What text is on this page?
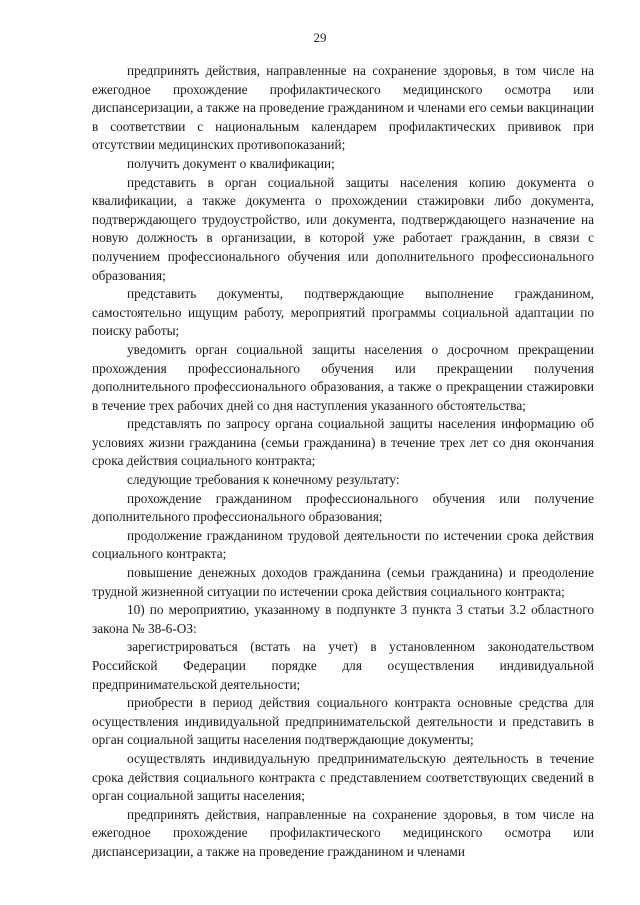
29

предпринять действия, направленные на сохранение здоровья, в том числе на ежегодное прохождение профилактического медицинского осмотра или диспансеризации, а также на проведение гражданином и членами его семьи вакцинации в соответствии с национальным календарем профилактических прививок при отсутствии медицинских противопоказаний;

получить документ о квалификации;

представить в орган социальной защиты населения копию документа о квалификации, а также документа о прохождении стажировки либо документа, подтверждающего трудоустройство, или документа, подтверждающего назначение на новую должность в организации, в которой уже работает гражданин, в связи с получением профессионального обучения или дополнительного профессионального образования;

представить документы, подтверждающие выполнение гражданином, самостоятельно ищущим работу, мероприятий программы социальной адаптации по поиску работы;

уведомить орган социальной защиты населения о досрочном прекращении прохождения профессионального обучения или прекращении получения дополнительного профессионального образования, а также о прекращении стажировки в течение трех рабочих дней со дня наступления указанного обстоятельства;

представлять по запросу органа социальной защиты населения информацию об условиях жизни гражданина (семьи гражданина) в течение трех лет со дня окончания срока действия социального контракта;

следующие требования к конечному результату:

прохождение гражданином профессионального обучения или получение дополнительного профессионального образования;

продолжение гражданином трудовой деятельности по истечении срока действия социального контракта;

повышение денежных доходов гражданина (семьи гражданина) и преодоление трудной жизненной ситуации по истечении срока действия социального контракта;

10) по мероприятию, указанному в подпункте 3 пункта 3 статьи 3.2 областного закона № 38-6-ОЗ:

зарегистрироваться (встать на учет) в установленном законодательством Российской Федерации порядке для осуществления индивидуальной предпринимательской деятельности;

приобрести в период действия социального контракта основные средства для осуществления индивидуальной предпринимательской деятельности и представить в орган социальной защиты населения подтверждающие документы;

осуществлять индивидуальную предпринимательскую деятельность в течение срока действия социального контракта с представлением соответствующих сведений в орган социальной защиты населения;

предпринять действия, направленные на сохранение здоровья, в том числе на ежегодное прохождение профилактического медицинского осмотра или диспансеризации, а также на проведение гражданином и членами
